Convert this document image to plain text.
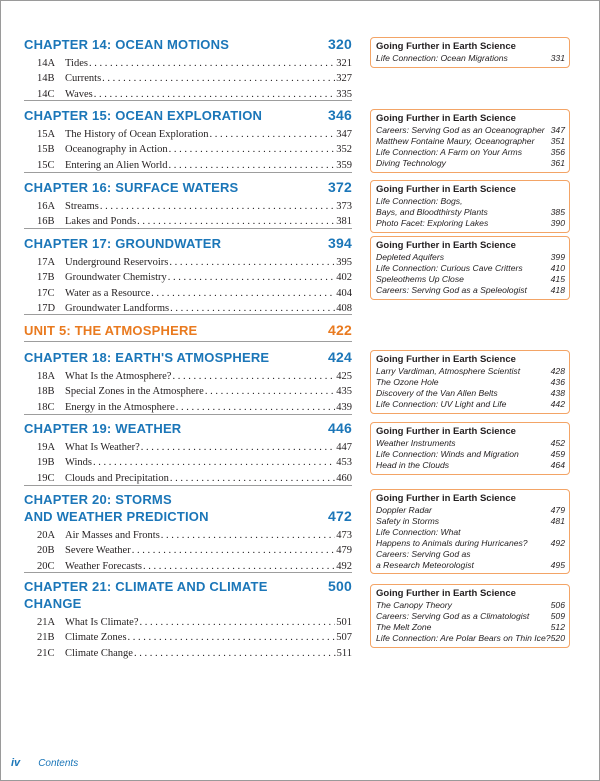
CHAPTER 14: OCEAN MOTIONS	320
14A Tides . . .	321
14B Currents . . .	327
14C Waves . . .	335
CHAPTER 15: OCEAN EXPLORATION	346
15A The History of Ocean Exploration . . .	347
15B Oceanography in Action . . .	352
15C Entering an Alien World . . .	359
CHAPTER 16: SURFACE WATERS	372
16A Streams . . .	373
16B Lakes and Ponds . . .	381
CHAPTER 17: GROUNDWATER	394
17A Underground Reservoirs . . .	395
17B Groundwater Chemistry . . .	402
17C Water as a Resource . . .	404
17D Groundwater Landforms . . .	408
UNIT 5: THE ATMOSPHERE	422
CHAPTER 18: EARTH'S ATMOSPHERE	424
18A What Is the Atmosphere? . . .	425
18B Special Zones in the Atmosphere . . .	435
18C Energy in the Atmosphere . . .	439
CHAPTER 19: WEATHER	446
19A What Is Weather? . . .	447
19B Winds . . .	453
19C Clouds and Precipitation . . .	460
CHAPTER 20: STORMS
AND WEATHER PREDICTION	472
20A Air Masses and Fronts . . .	473
20B Severe Weather . . .	479
20C Weather Forecasts . . .	492
CHAPTER 21: CLIMATE AND CLIMATE CHANGE
500
21A What Is Climate? . . .	501
21B Climate Zones . . .	507
21C Climate Change . . .	511
Going Further in Earth Science
Life Connection: Ocean Migrations	331
Going Further in Earth Science
Careers: Serving God as an Oceanographer 347
Matthew Fontaine Maury, Oceanographer 351
Life Connection: A Farm on Your Arms	356
Diving Technology	361
Going Further in Earth Science
Life Connection: Bogs,
Bays, and Bloodthirsty Plants	385
Photo Facet: Exploring Lakes	390
Going Further in Earth Science
Depleted Aquifers	399
Life Connection: Curious Cave Critters	410
Speleothems Up Close	415
Careers: Serving God as a Speleologist	418
Going Further in Earth Science
Larry Vardiman, Atmosphere Scientist	428
The Ozone Hole	436
Discovery of the Van Allen Belts	438
Life Connection: UV Light and Life	442
Going Further in Earth Science
Weather Instruments	452
Life Connection: Winds and Migration	459
Head in the Clouds	464
Going Further in Earth Science
Doppler Radar	479
Safety in Storms	481
Life Connection: What
Happens to Animals during Hurricanes?	492
Careers: Serving God as
a Research Meteorologist	495
Going Further in Earth Science
The Canopy Theory	506
Careers: Serving God as a Climatologist 509
The Melt Zone	512
Life Connection: Are Polar Bears on Thin Ice? 520
iv Contents
